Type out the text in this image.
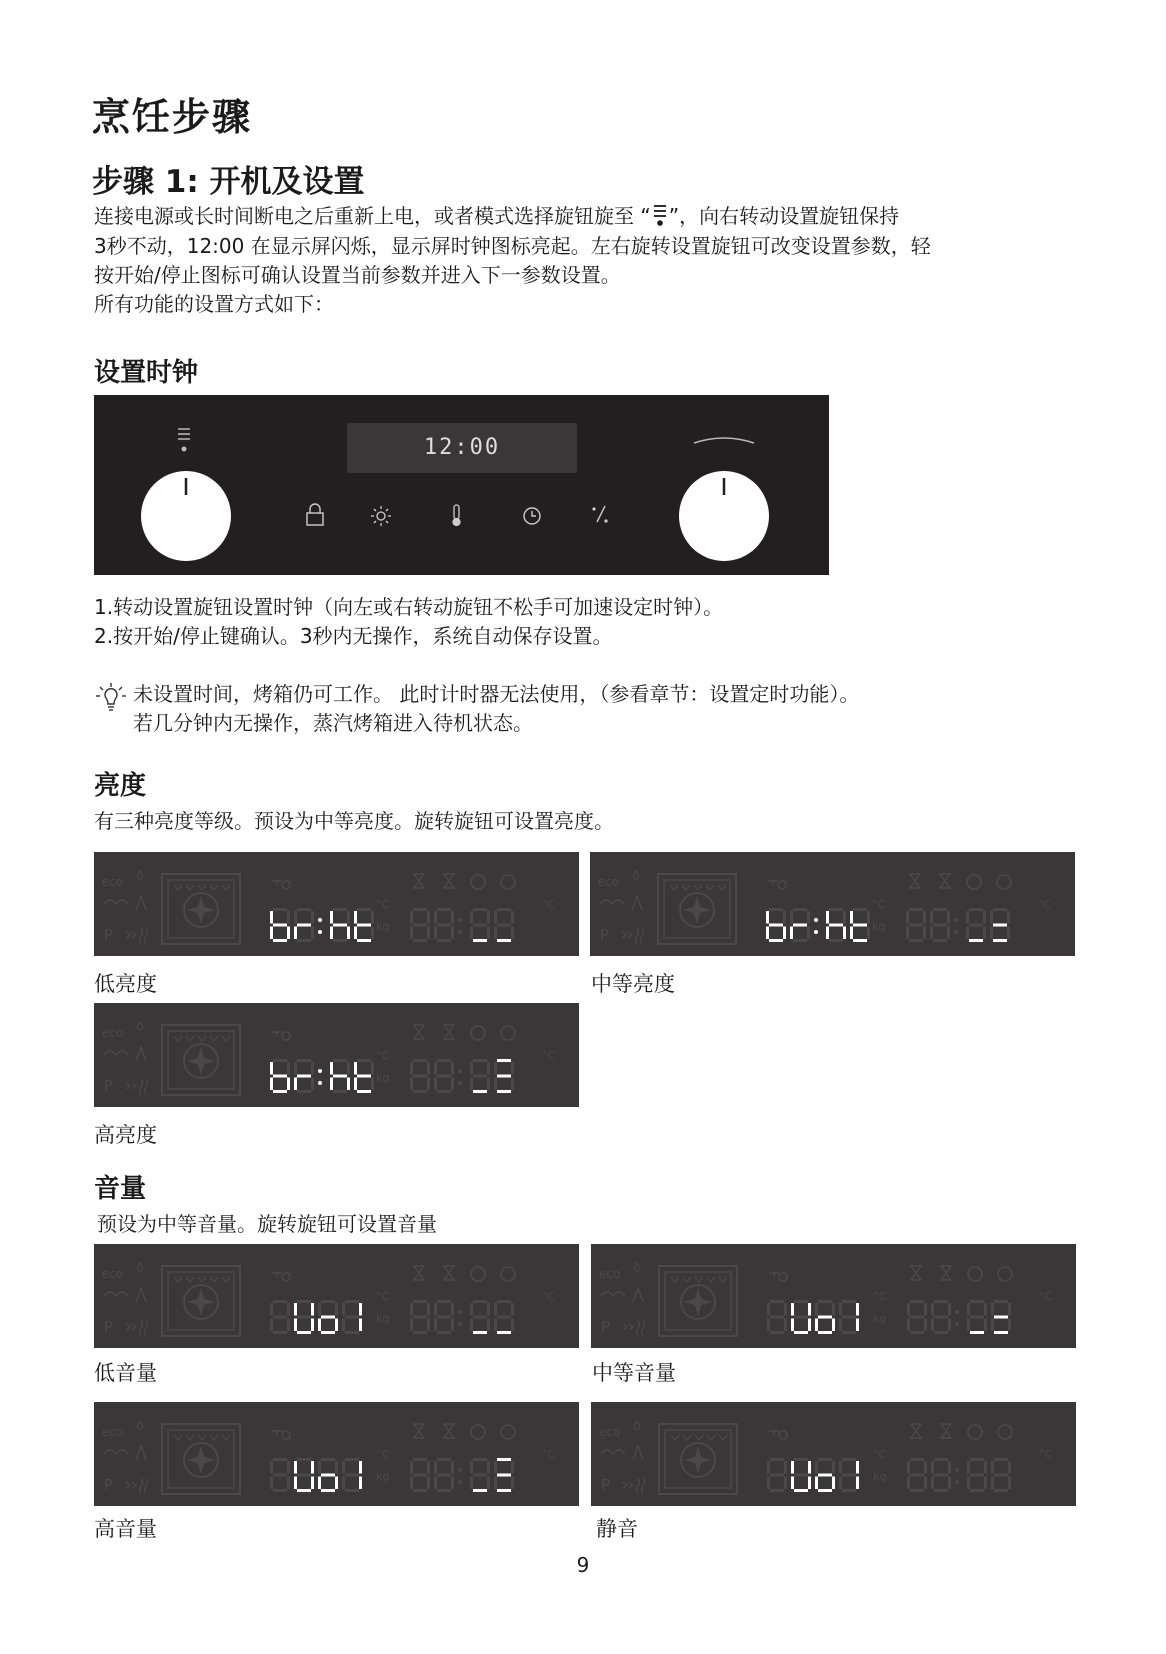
烹饪步骤
步骤 1: 开机及设置
连接电源或长时间断电之后重新上电，或者模式选择旋钮旋至 “ ”，向右转动设置旋钮保持
3秒不动，12:00 在显示屏闪烁，显示屏时钟图标亮起。左右旋转设置旋钮可改变设置参数，轻
按开始/停止图标可确认设置当前参数并进入下一参数设置。
所有功能的设置方式如下：
设置时钟
12:00
1.转动设置旋钮设置时钟（向左或右转动旋钮不松手可加速设定时钟）。
2.按开始/停止键确认。3秒内无操作，系统自动保存设置。
未设置时间，烤箱仍可工作。 此时计时器无法使用，（参看章节：设置定时功能）。
若几分钟内无操作，蒸汽烤箱进入待机状态。
亮度
有三种亮度等级。预设为中等亮度。旋转旋钮可设置亮度。
eco
P
°C
kg
°C
低亮度
eco
P
°C
kg
°C
中等亮度
eco
P
°C
kg
°C
高亮度
音量
预设为中等音量。旋转旋钮可设置音量
eco
P
°C
kg
°C
低音量
eco
P
°C
kg
°C
中等音量
eco
P
°C
kg
°C
高音量
eco
P
°C
kg
°C
静音
9
